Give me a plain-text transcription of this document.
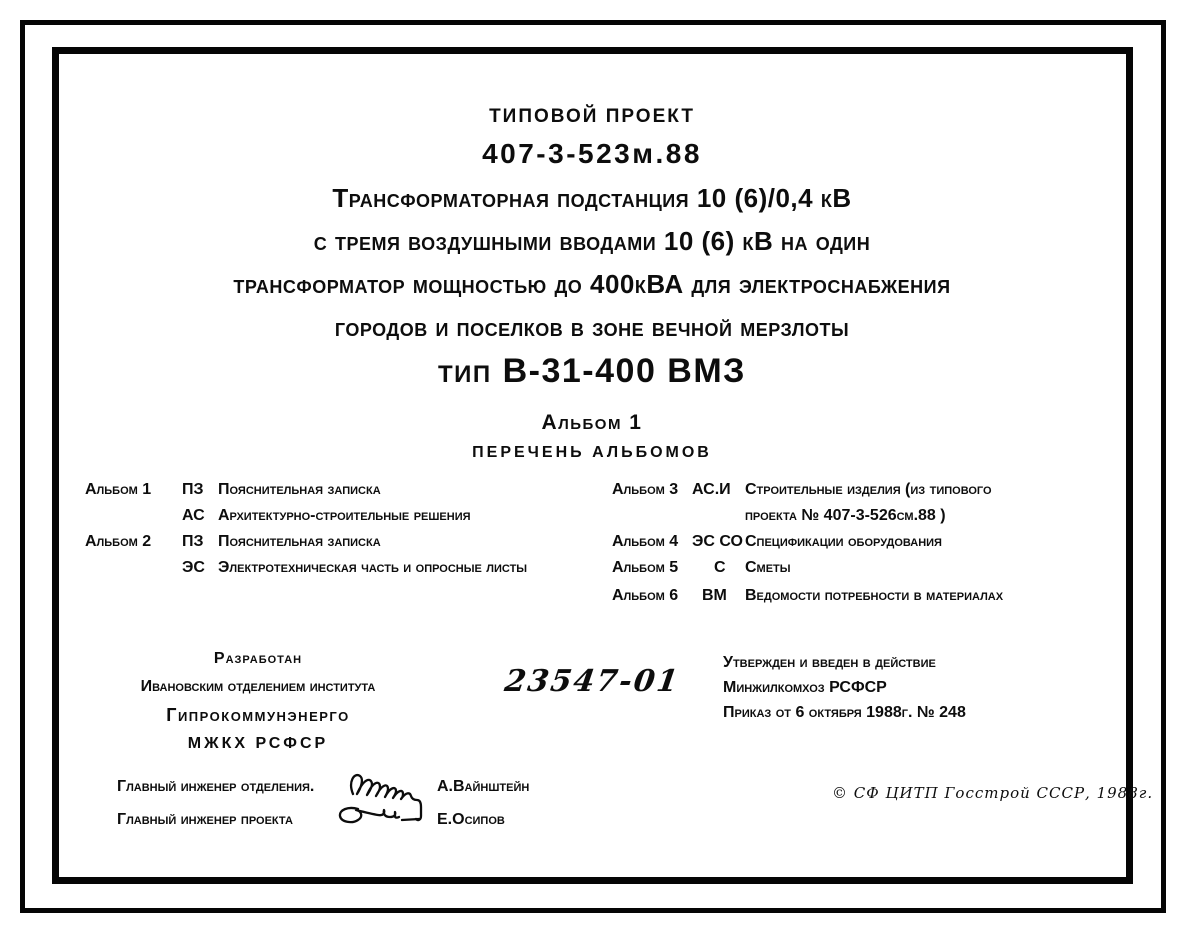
ТИПОВОЙ ПРОЕКТ
407-3-523м.88
Трансформаторная подстанция 10 (6)/0,4 кВ
с тремя воздушными вводами 10 (6) кВ на один
трансформатор мощностью до 400кВА для электроснабжения
городов и поселков в зоне вечной мерзлоты
тип В-31-400 ВМЗ
Альбом 1
ПЕРЕЧЕНЬ АЛЬБОМОВ
Альбом 1	ПЗ Пояснительная записка
АС Архитектурно-строительные решения
Альбом 2	ПЗ Пояснительная записка
ЭС Электротехническая часть и опросные листы
Альбом 3 АС.И Строительные изделия (из типового
проекта № 407-3-526см.88 )
Альбом 4 ЭС СО Спецификации оборудования
Альбом 5	С	Сметы
Альбом 6	ВМ	Ведомости потребности в материалах
Разработан
Ивановским отделением института
Гипрокоммунэнерго
МЖКХ РСФСР
Главный инженер отделения.	А.Вайнштейн
Главный инженер проекта	Е.Осипов
23547-01
Утвержден и введен в действие
Минжилкомхоз РСФСР
Приказ от 6 октября 1988г. № 248
© СФ ЦИТП Госстрой СССР, 1988г.
